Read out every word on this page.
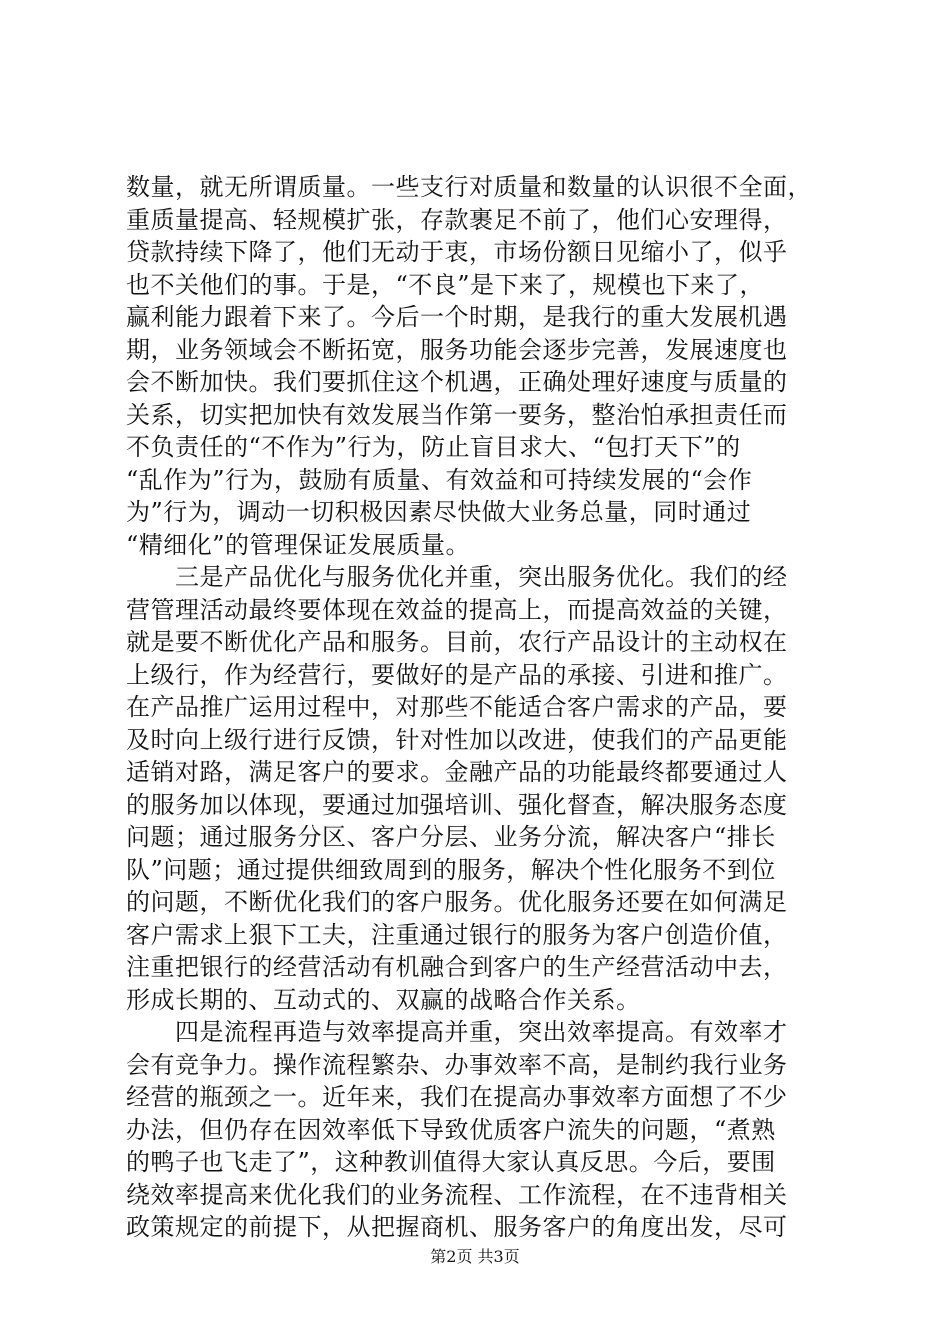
数量，就无所谓质量。一些支行对质量和数量的认识很不全面，
重质量提高、轻规模扩张，存款裹足不前了，他们心安理得，
贷款持续下降了，他们无动于衷，市场份额日见缩小了，似乎
也不关他们的事。于是，“不良”是下来了，规模也下来了，
赢利能力跟着下来了。今后一个时期，是我行的重大发展机遇
期，业务领域会不断拓宽，服务功能会逐步完善，发展速度也
会不断加快。我们要抓住这个机遇，正确处理好速度与质量的
关系，切实把加快有效发展当作第一要务，整治怕承担责任而
不负责任的“不作为”行为，防止盲目求大、“包打天下”的
“乱作为”行为，鼓励有质量、有效益和可持续发展的“会作
为”行为，调动一切积极因素尽快做大业务总量，同时通过
“精细化”的管理保证发展质量。
　　三是产品优化与服务优化并重，突出服务优化。我们的经
营管理活动最终要体现在效益的提高上，而提高效益的关键，
就是要不断优化产品和服务。目前，农行产品设计的主动权在
上级行，作为经营行，要做好的是产品的承接、引进和推广。
在产品推广运用过程中，对那些不能适合客户需求的产品，要
及时向上级行进行反馈，针对性加以改进，使我们的产品更能
适销对路，满足客户的要求。金融产品的功能最终都要通过人
的服务加以体现，要通过加强培训、强化督查，解决服务态度
问题；通过服务分区、客户分层、业务分流，解决客户“排长
队”问题；通过提供细致周到的服务，解决个性化服务不到位
的问题，不断优化我们的客户服务。优化服务还要在如何满足
客户需求上狠下工夫，注重通过银行的服务为客户创造价值，
注重把银行的经营活动有机融合到客户的生产经营活动中去，
形成长期的、互动式的、双赢的战略合作关系。
　　四是流程再造与效率提高并重，突出效率提高。有效率才
会有竞争力。操作流程繁杂、办事效率不高，是制约我行业务
经营的瓶颈之一。近年来，我们在提高办事效率方面想了不少
办法，但仍存在因效率低下导致优质客户流失的问题，“煮熟
的鸭子也飞走了”，这种教训值得大家认真反思。今后，要围
绕效率提高来优化我们的业务流程、工作流程，在不违背相关
政策规定的前提下，从把握商机、服务客户的角度出发，尽可
第2页 共3页
